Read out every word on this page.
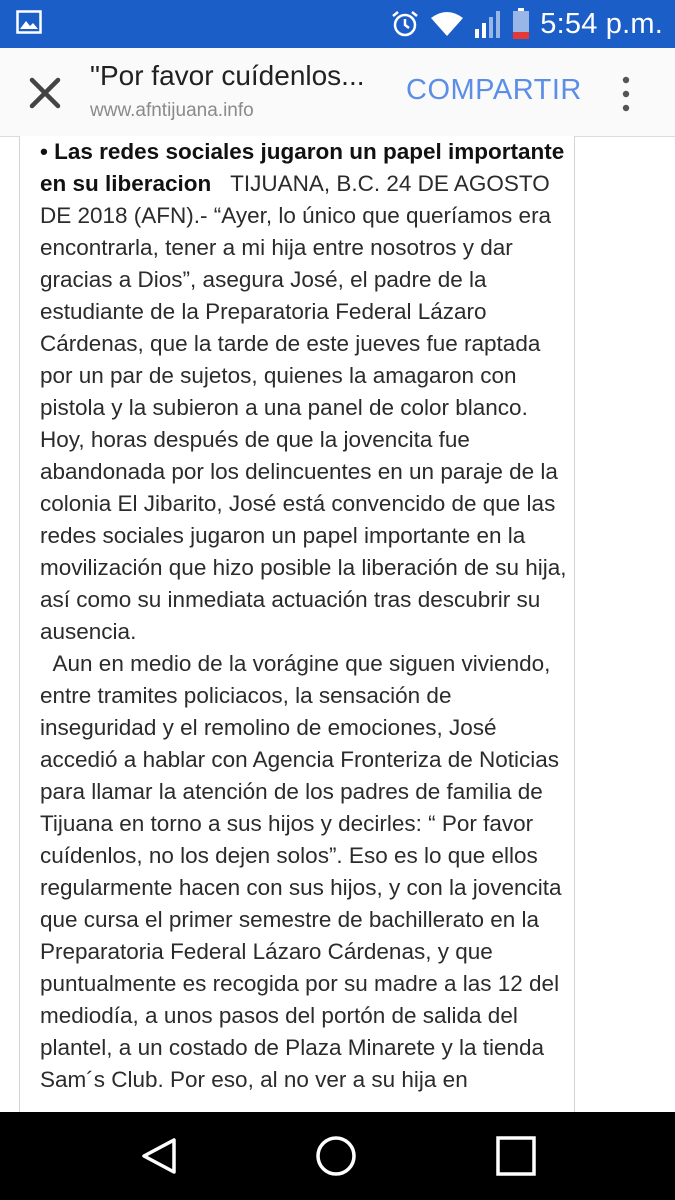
5:54 p.m.
"Por favor cuídenlos...
www.afntijuana.info
COMPARTIR
• Las redes sociales jugaron un papel importante en su liberacion TIJUANA, B.C. 24 DE AGOSTO DE 2018 (AFN).- “Ayer, lo único que queríamos era encontrarla, tener a mi hija entre nosotros y dar gracias a Dios”, asegura José, el padre de la estudiante de la Preparatoria Federal Lázaro Cárdenas, que la tarde de este jueves fue raptada por un par de sujetos, quienes la amagaron con pistola y la subieron a una panel de color blanco. Hoy, horas después de que la jovencita fue abandonada por los delincuentes en un paraje de la colonia El Jibarito, José está convencido de que las redes sociales jugaron un papel importante en la movilización que hizo posible la liberación de su hija, así como su inmediata actuación tras descubrir su ausencia.
Aun en medio de la vorágine que siguen viviendo, entre tramites policiacos, la sensación de inseguridad y el remolino de emociones, José accedió a hablar con Agencia Fronteriza de Noticias para llamar la atención de los padres de familia de Tijuana en torno a sus hijos y decirles: “ Por favor cuídenlos, no los dejen solos”. Eso es lo que ellos regularmente hacen con sus hijos, y con la jovencita que cursa el primer semestre de bachillerato en la Preparatoria Federal Lázaro Cárdenas, y que puntualmente es recogida por su madre a las 12 del mediodía, a unos pasos del portón de salida del plantel, a un costado de Plaza Minarete y la tienda Sam´s Club. Por eso, al no ver a su hija en
